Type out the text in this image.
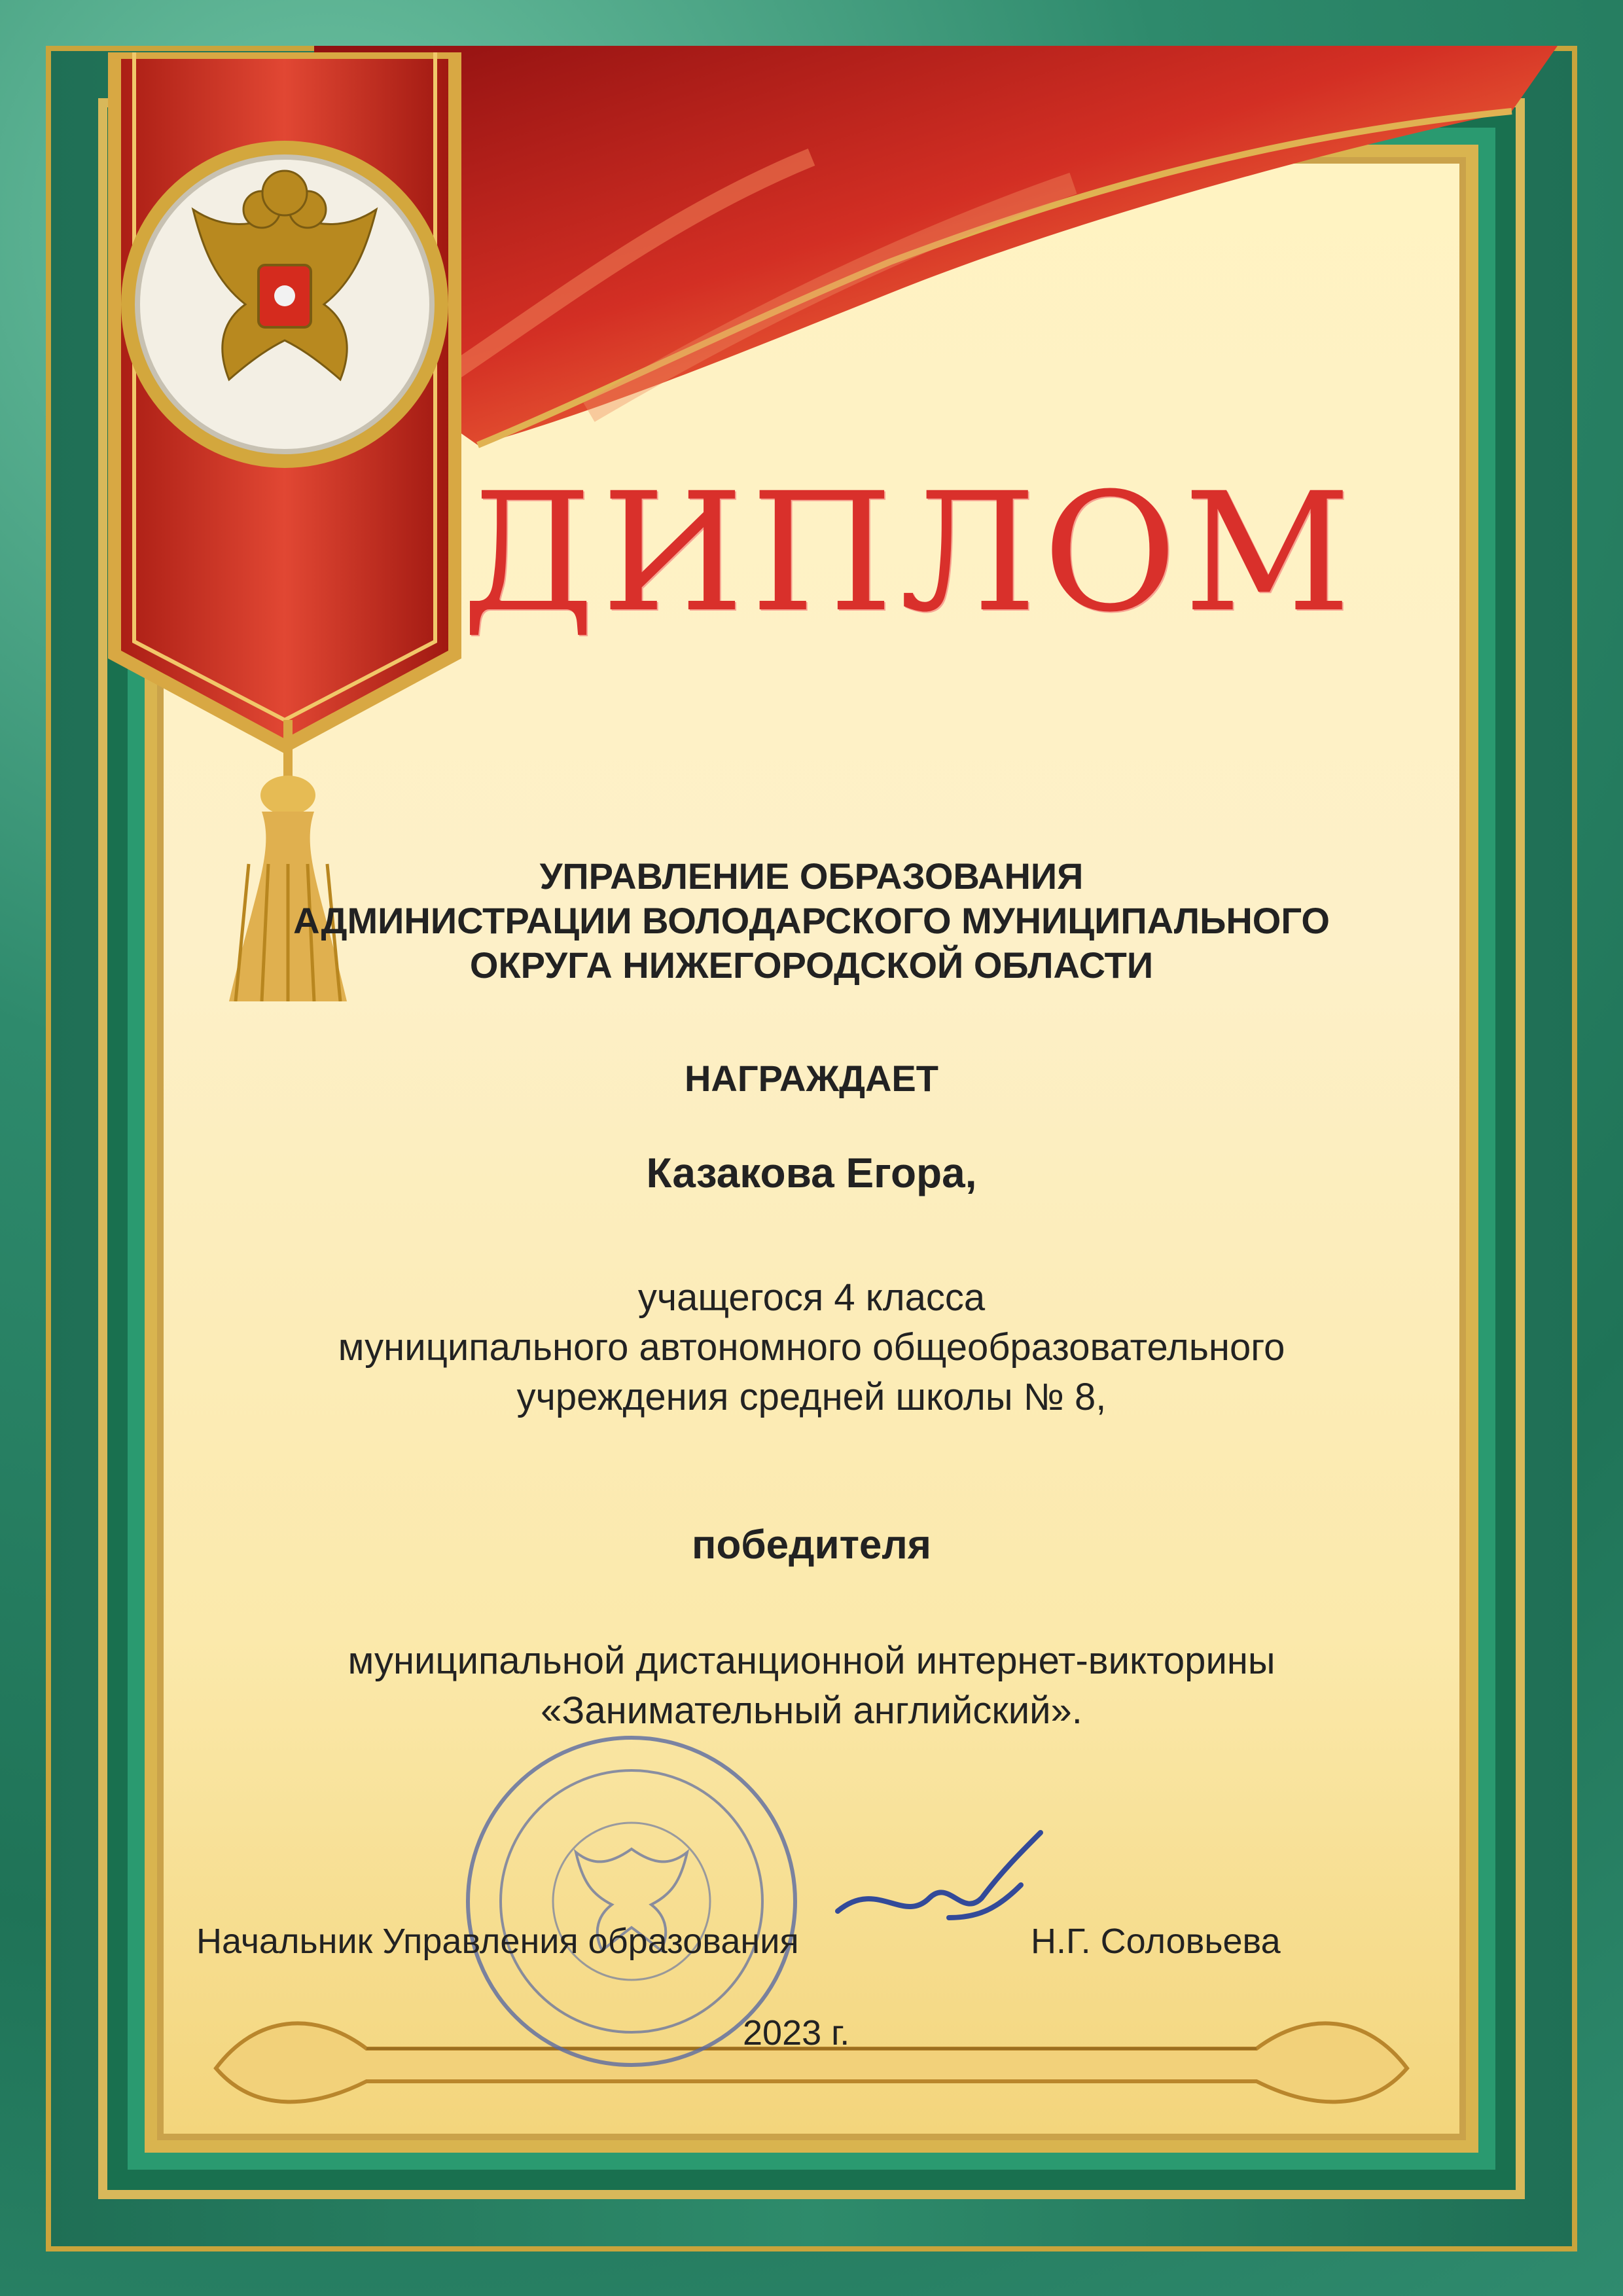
ДИПЛОМ
УПРАВЛЕНИЕ ОБРАЗОВАНИЯ
АДМИНИСТРАЦИИ ВОЛОДАРСКОГО МУНИЦИПАЛЬНОГО
ОКРУГА НИЖЕГОРОДСКОЙ ОБЛАСТИ
НАГРАЖДАЕТ
Казакова Егора,
учащегося 4 класса
муниципального автономного общеобразовательного
учреждения средней школы № 8,
победителя
муниципальной дистанционной интернет-викторины
«Занимательный английский».
Начальник Управления образования	Н.Г. Соловьева
2023 г.
